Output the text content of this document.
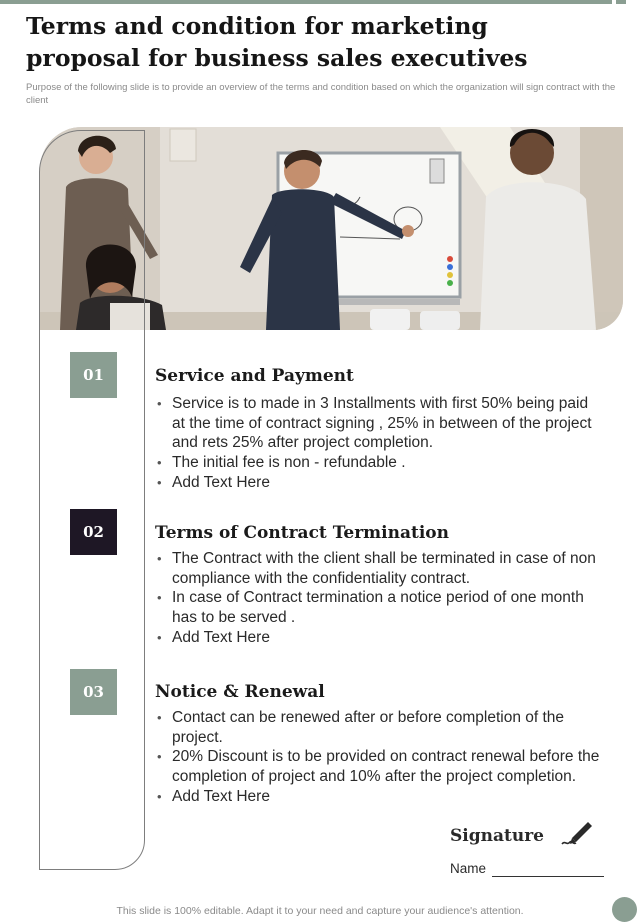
Terms and condition for marketing proposal for business sales executives
Purpose of the following slide is to provide an overview of the terms and condition based on which the organization will sign contract with the client
01	Service and Payment
• Service is to made in 3 Installments with first 50% being paid at the time of contract signing , 25% in between of the project and rets 25% after project completion.
• The initial fee is non - refundable .
• Add Text Here
02	Terms of Contract Termination
• The Contract with the client shall be terminated in case of non compliance with the confidentiality contract.
• In case of Contract termination a notice period of one month has to be served .
• Add Text Here
03	Notice & Renewal
• Contact can be renewed after or before completion of the project.
• 20% Discount is to be provided on contract renewal before the completion of project and 10% after the project completion.
• Add Text Here
Signature
Name
This slide is 100% editable. Adapt it to your need and capture your audience's attention.
